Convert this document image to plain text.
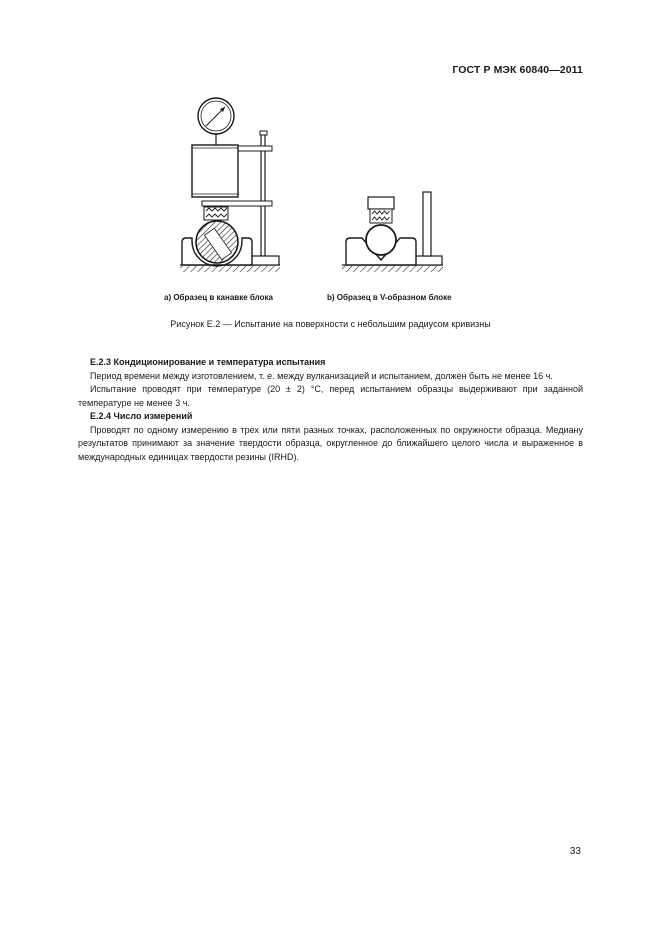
ГОСТ Р МЭК 60840—2011
a) Образец в канавке блока	b) Образец в V-образном блоке
Рисунок Е.2 — Испытание на поверхности с небольшим радиусом кривизны

Е.2.3 Кондиционирование и температура испытания

Период времени между изготовлением, т. е. между вулканизацией и испытанием, должен быть не менее 16 ч.

Испытание проводят при температуре (20 ± 2) °С, перед испытанием образцы выдерживают при заданной температуре не менее 3 ч.

Е.2.4 Число измерений

Проводят по одному измерению в трех или пяти разных точках, расположенных по окружности образца. Медиану результатов принимают за значение твердости образца, округленное до ближайшего целого числа и выраженное в международных единицах твердости резины (IRHD).

33
